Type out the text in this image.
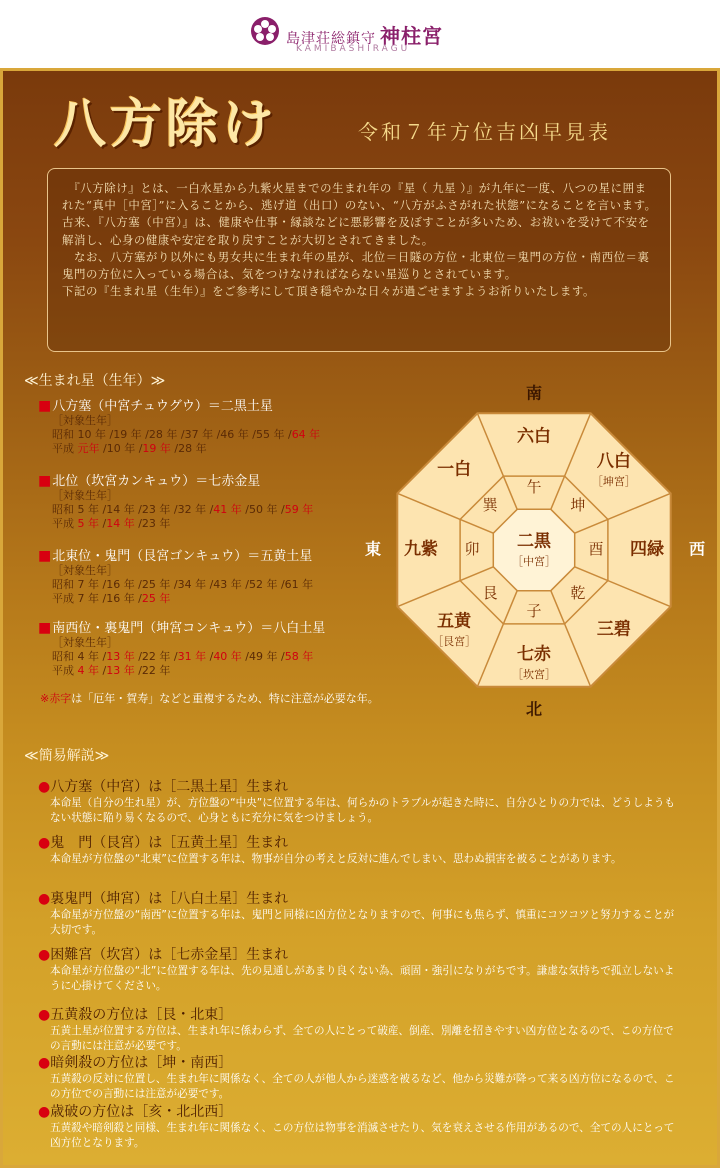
島津荘総鎮守 神柱宮
KAMIBASHIRAGU
八方除け	令和７年方位吉凶早見表

　『八方除け』とは、一白水星から九紫火星までの生まれ年の『星（ 九星 ）』が九年に一度、八つの星に囲まれた“真中［中宮］”に入ることから、逃げ道（出口）のない、“八方がふさがれた状態”になることを言います。

古来、『八方塞（中宮）』は、健康や仕事・縁談などに悪影響を及ぼすことが多いため、お祓いを受けて不安を解消し、心身の健康や安定を取り戻すことが大切とされてきました。

　なお、八方塞がり以外にも男女共に生まれ年の星が、北位＝日隧の方位・北東位＝鬼門の方位・南西位＝裏鬼門の方位に入っている場合は、気をつけなければならない星巡りとされています。

下記の『生まれ星（生年）』をご参考にして頂き穏やかな日々が過ごせますようお祈りいたします。

≪生まれ星（生年）≫
■八方塞（中宮チュウグウ）＝二黒土星
［対象生年］
昭和 10 年 /19 年 /28 年 /37 年 /46 年 /55 年 /64 年
平成 元年 /10 年 /19 年 /28 年
■北位（坎宮カンキュウ）＝七赤金星
［対象生年］
昭和 5 年 /14 年 /23 年 /32 年 /41 年 /50 年 /59 年
平成 5 年 /14 年 /23 年
■北東位・鬼門（艮宮ゴンキュウ）＝五黄土星
［対象生年］
昭和 7 年 /16 年 /25 年 /34 年 /43 年 /52 年 /61 年
平成 7 年 /16 年 /25 年
■南西位・裏鬼門（坤宮コンキュウ）＝八白土星
［対象生年］
昭和 4 年 /13 年 /22 年 /31 年 /40 年 /49 年 /58 年
平成 4 年 /13 年 /22 年
※赤字は「厄年・賀寿」などと重複するため、特に注意が必要な年。
午
六白
坤
八白
［坤宮］
酉 四緑
乾
三碧
子
七赤
［坎宮］
艮
五黄
［艮宮］
卯
九紫
巽
一白
二黒
［中宮］
南
北
東	西
≪簡易解説≫
●八方塞（中宮）は［二黒土星］生まれ
本命星（自分の生れ星）が、方位盤の“中央”に位置する年は、何らかのトラブルが起きた時に、自分ひとりの力では、どうしようもない状態に陥り易くなるので、心身ともに充分に気をつけましょう。
●鬼　門（艮宮）は［五黄土星］生まれ
本命星が方位盤の“北東”に位置する年は、物事が自分の考えと反対に進んでしまい、思わぬ損害を被ることがあります。
●裏鬼門（坤宮）は［八白土星］生まれ
本命星が方位盤の“南西”に位置する年は、鬼門と同様に凶方位となりますので、何事にも焦らず、慎重にコツコツと努力することが大切です。
●困難宮（坎宮）は［七赤金星］生まれ
本命星が方位盤の“北”に位置する年は、先の見通しがあまり良くない為、頑固・強引になりがちです。謙虚な気持ちで孤立しないように心掛けてください。
●五黄殺の方位は［艮・北東］
五黄土星が位置する方位は、生まれ年に係わらず、全ての人にとって破産、倒産、別離を招きやすい凶方位となるので、この方位での言動には注意が必要です。
●暗剣殺の方位は［坤・南西］
五黄殺の反対に位置し、生まれ年に関係なく、全ての人が他人から迷惑を被るなど、他から災難が降って来る凶方位になるので、この方位での言動には注意が必要です。
●歳破の方位は［亥・北北西］
五黄殺や暗剣殺と同様、生まれ年に関係なく、この方位は物事を消滅させたり、気を衰えさせる作用があるので、全ての人にとって凶方位となります。
